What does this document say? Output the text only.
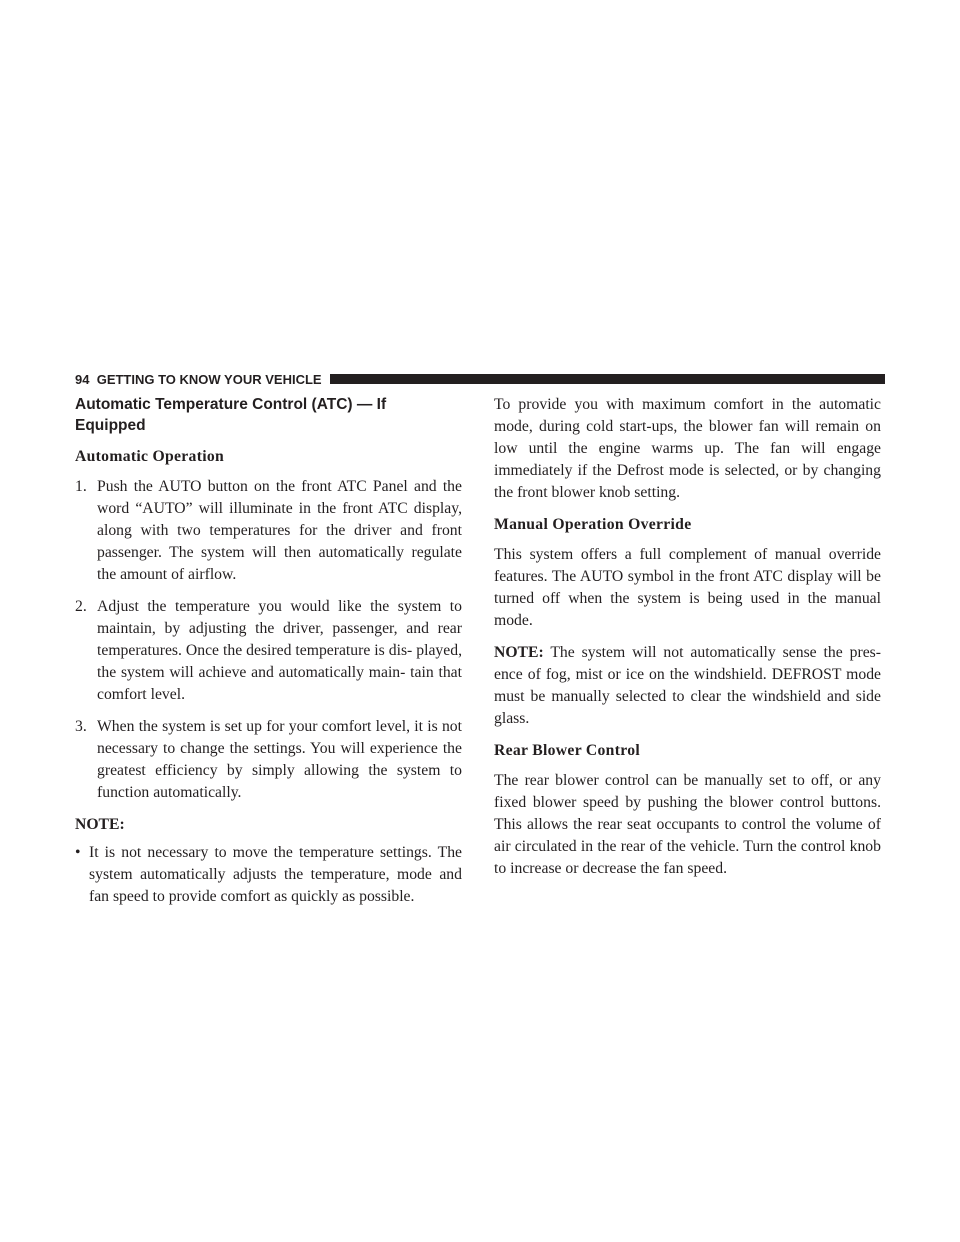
94 GETTING TO KNOW YOUR VEHICLE
Automatic Temperature Control (ATC) — If
Equipped
Automatic Operation
1. Push the AUTO button on the front ATC Panel and the word “AUTO” will illuminate in the front ATC display, along with two temperatures for the driver and front passenger. The system will then automatically regulate the amount of airflow.
2. Adjust the temperature you would like the system to maintain, by adjusting the driver, passenger, and rear temperatures. Once the desired temperature is dis- played, the system will achieve and automatically main- tain that comfort level.
3. When the system is set up for your comfort level, it is not necessary to change the settings. You will experience the greatest efficiency by simply allowing the system to function automatically.
NOTE:
• It is not necessary to move the temperature settings. The system automatically adjusts the temperature, mode and fan speed to provide comfort as quickly as possible.

To provide you with maximum comfort in the automatic mode, during cold start-ups, the blower fan will remain on low until the engine warms up. The fan will engage immediately if the Defrost mode is selected, or by changing the front blower knob setting.

Manual Operation Override

This system offers a full complement of manual override features. The AUTO symbol in the front ATC display will be turned off when the system is being used in the manual mode.

NOTE: The system will not automatically sense the pres- ence of fog, mist or ice on the windshield. DEFROST mode must be manually selected to clear the windshield and side glass.

Rear Blower Control

The rear blower control can be manually set to off, or any fixed blower speed by pushing the blower control buttons. This allows the rear seat occupants to control the volume of air circulated in the rear of the vehicle. Turn the control knob to increase or decrease the fan speed.
